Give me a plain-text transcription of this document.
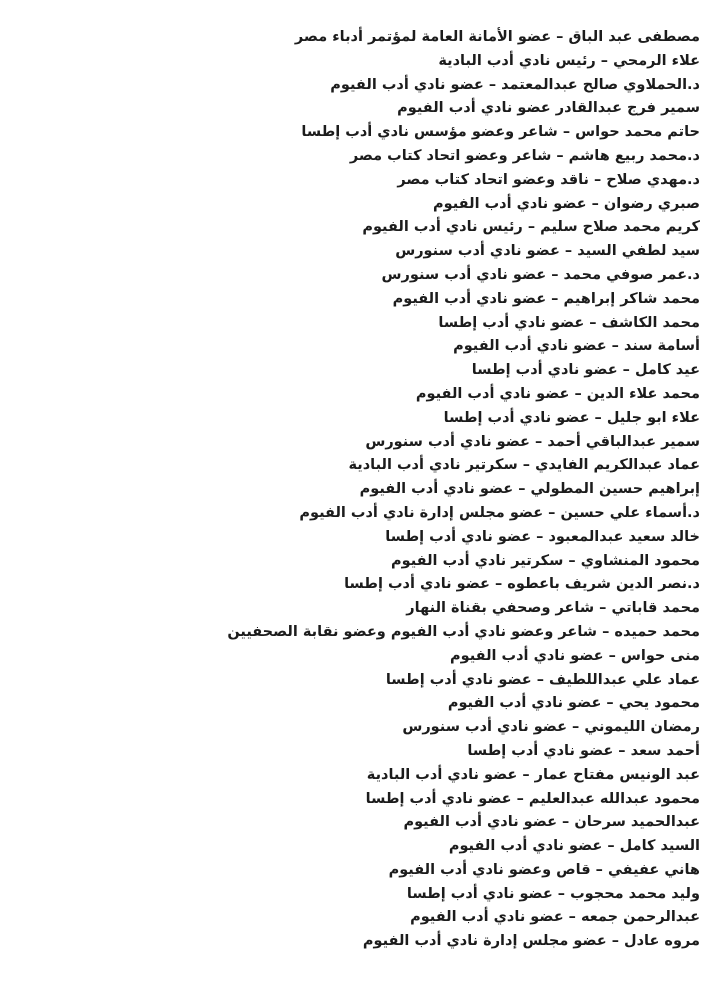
مصطفى عبد الباق – عضو الأمانة العامة لمؤتمر أدباء مصر
علاء الرمحي – رئيس نادي أدب البادية
د.الحملاوي صالح عبدالمعتمد – عضو نادي أدب الفيوم
سمير فرج عبدالقادر عضو نادي أدب الفيوم
حاتم محمد حواس – شاعر وعضو مؤسس نادي أدب إطسا
د.محمد ربيع هاشم – شاعر وعضو اتحاد كتاب مصر
د.مهدي صلاح – ناقد وعضو اتحاد كتاب مصر
صبري رضوان – عضو نادي أدب الفيوم
كريم محمد صلاح سليم – رئيس نادي أدب الفيوم
سيد لطفي السيد – عضو نادي أدب سنورس
د.عمر صوفي محمد – عضو نادي أدب سنورس
محمد شاكر إبراهيم – عضو نادي أدب الفيوم
محمد الكاشف – عضو نادي أدب إطسا
أسامة سند – عضو نادي أدب الفيوم
عيد كامل – عضو نادي أدب إطسا
محمد علاء الدين – عضو نادي أدب الفيوم
علاء ابو جليل – عضو نادي أدب إطسا
سمير عبدالباقي أحمد – عضو نادي أدب سنورس
عماد عبدالكريم الفايدي – سكرتير نادي أدب البادية
إبراهيم حسين المطولي – عضو نادي أدب الفيوم
د.أسماء علي حسين – عضو مجلس إدارة نادي أدب الفيوم
خالد سعيد عبدالمعبود – عضو نادي أدب إطسا
محمود المنشاوي – سكرتير نادي أدب الفيوم
د.نصر الدين شريف باعطوه – عضو نادي أدب إطسا
محمد قاباتي – شاعر وصحفي بقناة النهار
محمد حميده – شاعر وعضو نادي أدب الفيوم وعضو نقابة الصحفيين
منى حواس – عضو نادي أدب الفيوم
عماد علي عبداللطيف – عضو نادي أدب إطسا
محمود يحي – عضو نادي أدب الفيوم
رمضان الليموني – عضو نادي أدب سنورس
أحمد سعد – عضو نادي أدب إطسا
عبد الونيس مفتاح عمار – عضو نادي أدب البادية
محمود عبدالله عبدالعليم – عضو نادي أدب إطسا
عبدالحميد سرحان – عضو نادي أدب الفيوم
السيد كامل – عضو نادي أدب الفيوم
هاني عفيفي – قاص وعضو نادي أدب الفيوم
وليد محمد محجوب – عضو نادي أدب إطسا
عبدالرحمن جمعه – عضو نادي أدب الفيوم
مروه عادل – عضو مجلس إدارة نادي أدب الفيوم
